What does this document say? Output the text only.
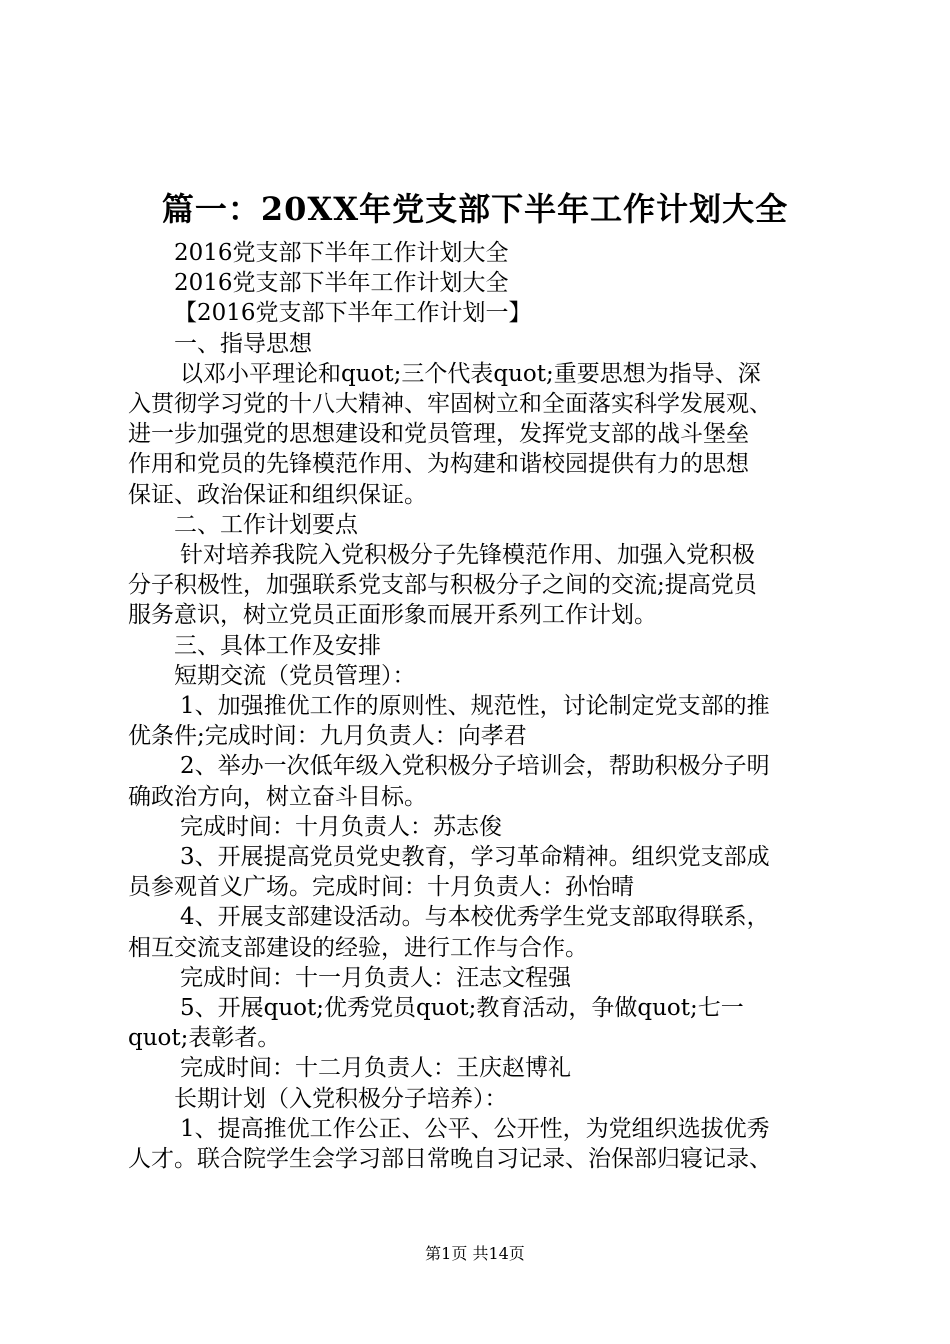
篇一：20XX年党支部下半年工作计划大全

2016党支部下半年工作计划大全

2016党支部下半年工作计划大全

【2016党支部下半年工作计划一】

一、指导思想

以邓小平理论和quot;三个代表quot;重要思想为指导、深

入贯彻学习党的十八大精神、牢固树立和全面落实科学发展观、

进一步加强党的思想建设和党员管理，发挥党支部的战斗堡垒

作用和党员的先锋模范作用、为构建和谐校园提供有力的思想

保证、政治保证和组织保证。

二、工作计划要点

针对培养我院入党积极分子先锋模范作用、加强入党积极

分子积极性，加强联系党支部与积极分子之间的交流;提高党员

服务意识，树立党员正面形象而展开系列工作计划。

三、具体工作及安排

短期交流（党员管理）：

1、加强推优工作的原则性、规范性，讨论制定党支部的推

优条件;完成时间：九月负责人：向孝君

2、举办一次低年级入党积极分子培训会，帮助积极分子明

确政治方向，树立奋斗目标。

完成时间：十月负责人：苏志俊

3、开展提高党员党史教育，学习革命精神。组织党支部成

员参观首义广场。完成时间：十月负责人：孙怡晴

4、开展支部建设活动。与本校优秀学生党支部取得联系，

相互交流支部建设的经验，进行工作与合作。

完成时间：十一月负责人：汪志文程强

5、开展quot;优秀党员quot;教育活动，争做quot;七一

quot;表彰者。

完成时间：十二月负责人：王庆赵博礼

长期计划（入党积极分子培养）：

1、提高推优工作公正、公平、公开性，为党组织选拔优秀

人才。联合院学生会学习部日常晚自习记录、治保部归寝记录、

第1页 共14页
